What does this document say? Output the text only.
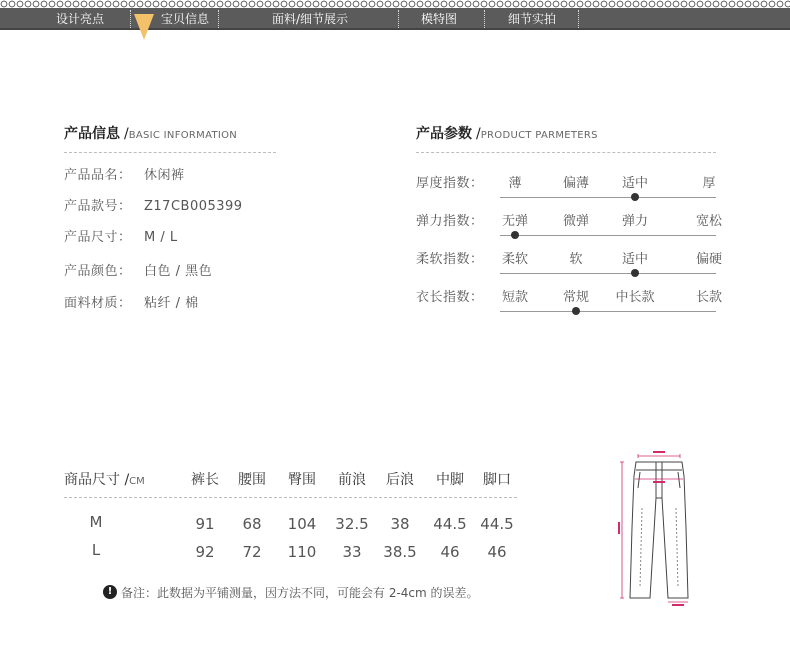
设计亮点	宝贝信息	面料/细节展示	模特图	细节实拍
产品信息 /BASIC INFORMATION
产品品名： 休闲裤
产品款号： Z17CB005399
产品尺寸： M / L
产品颜色： 白色 / 黑色
面料材质： 粘纤 / 棉
产品参数 /PRODUCT PARMETERS
厚度指数： 薄	偏薄	适中	厚
弹力指数： 无弹	微弹	弹力	宽松
柔软指数： 柔软	软	适中	偏硬
衣长指数： 短款	常规 中长款	长款
商品尺寸 /CM	裤长 腰围 臀围 前浪 后浪 中脚 脚口
M	91 68 104 32.5 38 44.5 44.5
L	92 72 110 33 38.5 46 46
! 备注：此数据为平铺测量，因方法不同，可能会有 2-4cm 的误差。
